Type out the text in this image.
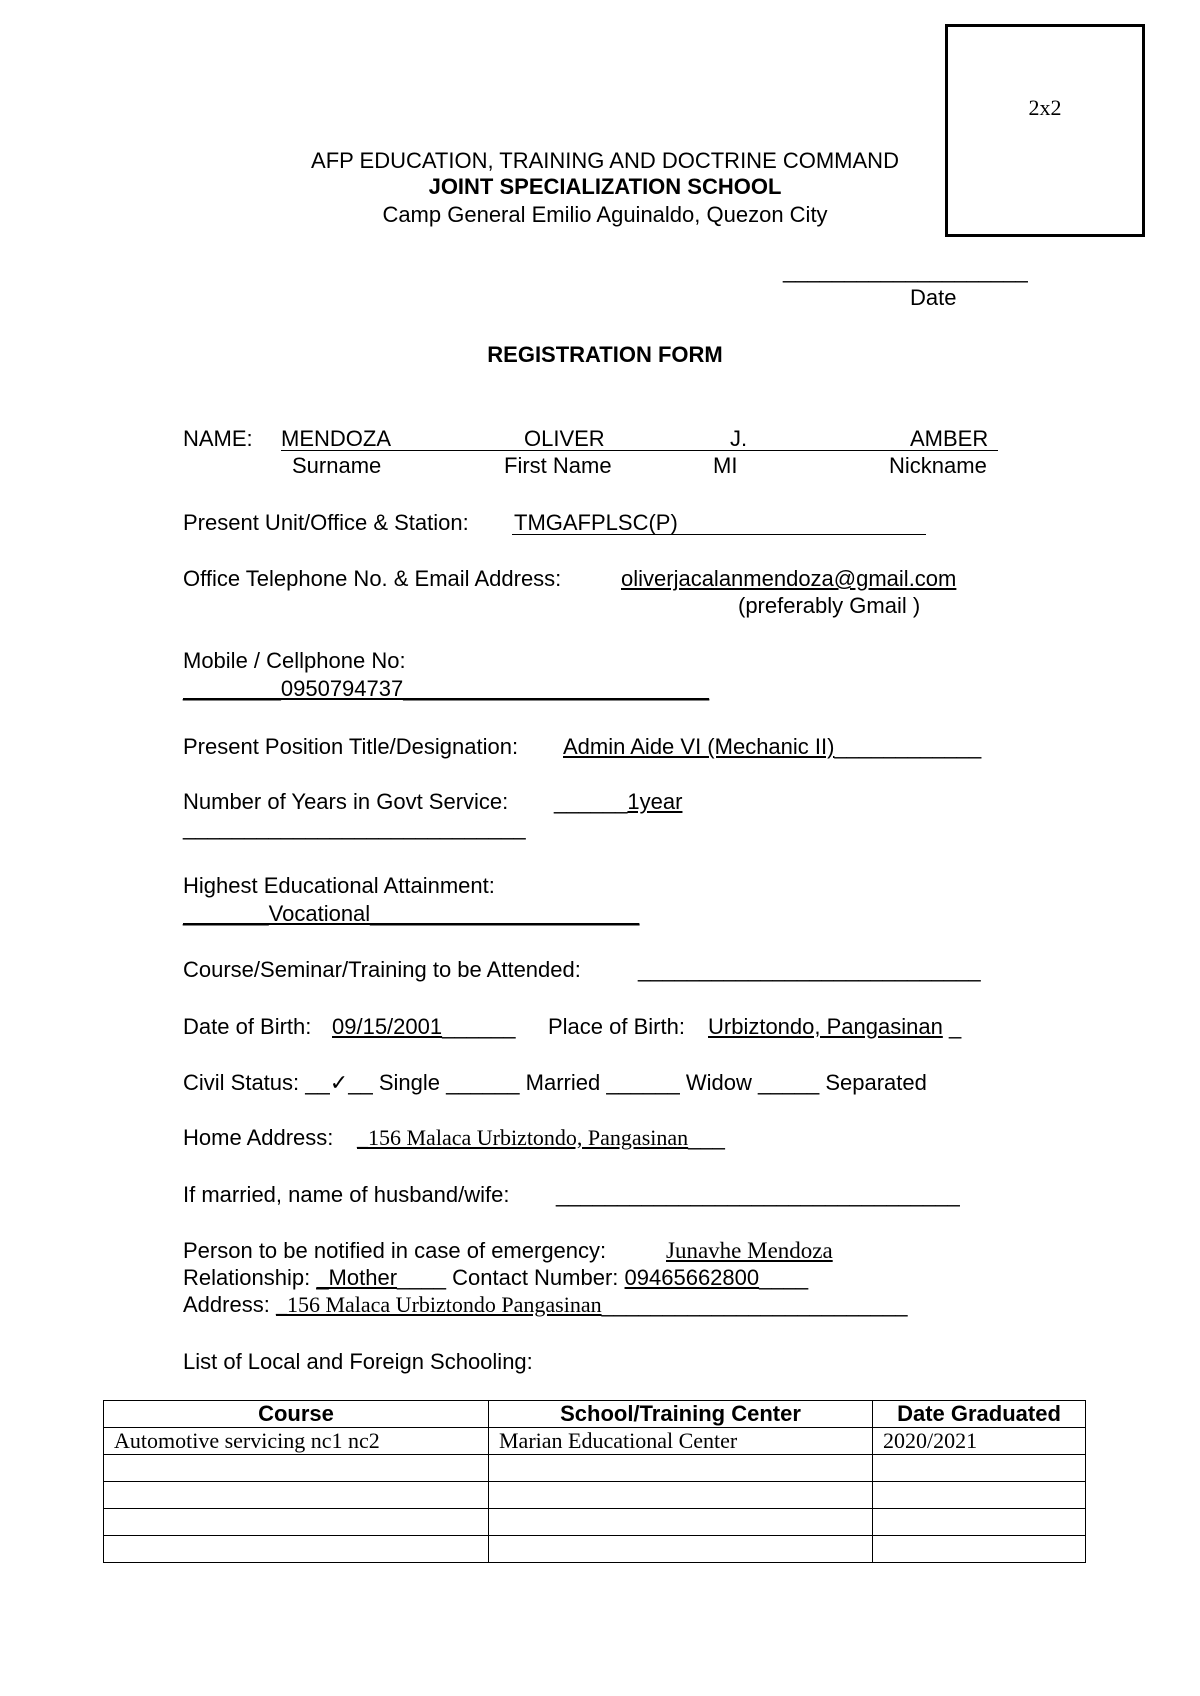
2x2
AFP EDUCATION, TRAINING AND DOCTRINE COMMAND
JOINT SPECIALIZATION SCHOOL
Camp General Emilio Aguinaldo, Quezon City
____________________
Date
REGISTRATION FORM
NAME: MENDOZA	OLIVER	J.	AMBER
Surname	First Name	MI	Nickname
Present Unit/Office & Station: TMGAFPLSC(P)
Office Telephone No. & Email Address:	oliverjacalanmendoza@gmail.com
(preferably Gmail )
Mobile / Cellphone No:
________0950794737_________________________
Present Position Title/Designation: Admin Aide VI (Mechanic II)____________
Number of Years in Govt Service: ______1year
____________________________
Highest Educational Attainment:
_______Vocational______________________
Course/Seminar/Training to be Attended:	____________________________
Date of Birth: 09/15/2001______ Place of Birth: Urbiztondo, Pangasinan _
Civil Status: __✓__ Single ______ Married ______ Widow _____ Separated
Home Address: _156 Malaca Urbiztondo, Pangasinan___
If married, name of husband/wife: _________________________________
Person to be notified in case of emergency:	Junavhe Mendoza
Relationship: _Mother____ Contact Number: 09465662800____
Address: _156 Malaca Urbiztondo Pangasinan_________________________
List of Local and Foreign Schooling:
Course	School/Training Center	Date Graduated
Automotive servicing nc1 nc2	Marian Educational Center	2020/2021
